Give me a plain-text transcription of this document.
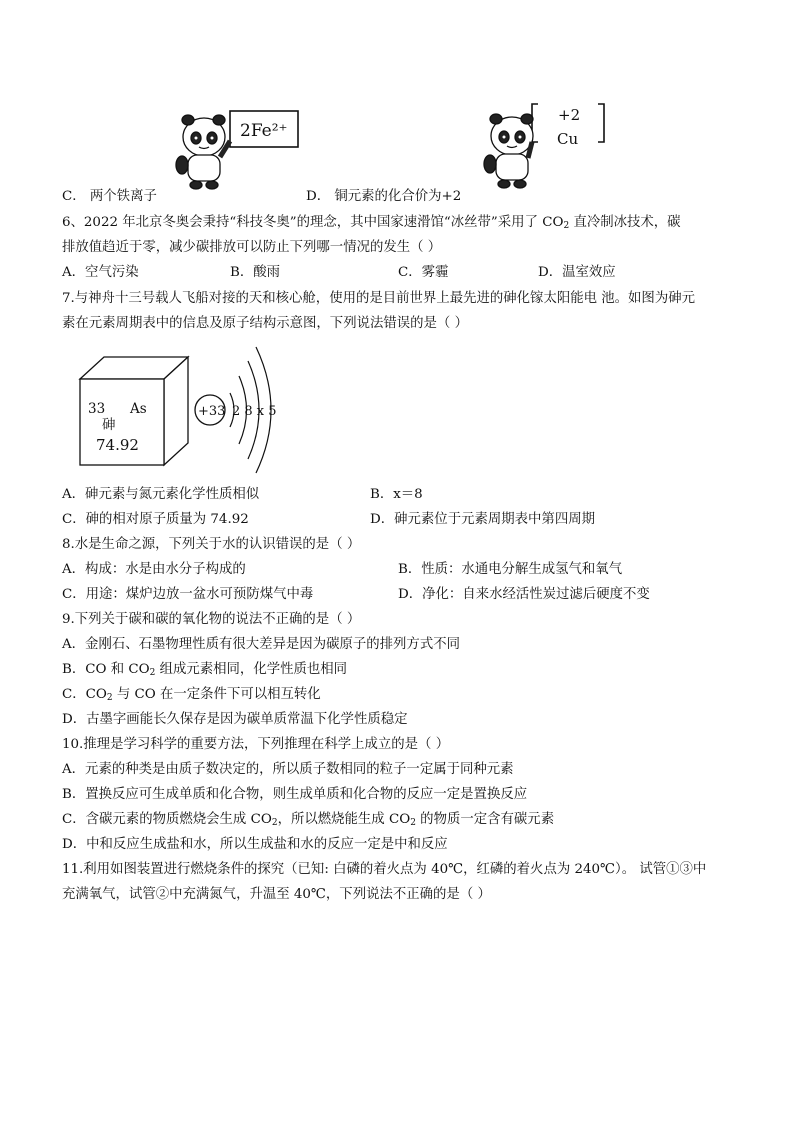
2Fe²⁺
+2
Cu
C． 两个铁离子	D． 铜元素的化合价为+2
6、2022 年北京冬奥会秉持“科技冬奥”的理念，其中国家速滑馆“冰丝带”采用了 $CO_2$ 直冷制冰技术，碳
排放值趋近于零，减少碳排放可以防止下列哪一情况的发生（ ）
A．空气污染	B．酸雨	C．雾霾	D．温室效应
7.与神舟十三号载人飞船对接的天和核心舱，使用的是目前世界上最先进的砷化镓太阳能电 池。如图为砷元
素在元素周期表中的信息及原子结构示意图，下列说法错误的是（ ）
33 As
砷
74.92
+33 2 8 x 5
A．砷元素与氮元素化学性质相似	B．x＝8
C．砷的相对原子质量为 74.92	D．砷元素位于元素周期表中第四周期
8.水是生命之源，下列关于水的认识错误的是（ ）
A．构成：水是由水分子构成的	B．性质：水通电分解生成氢气和氧气
C．用途：煤炉边放一盆水可预防煤气中毒	D．净化：自来水经活性炭过滤后硬度不变
9.下列关于碳和碳的氧化物的说法不正确的是（ ）
A．金刚石、石墨物理性质有很大差异是因为碳原子的排列方式不同
B．CO 和 $CO_2$ 组成元素相同，化学性质也相同
C．$CO_2$ 与 CO 在一定条件下可以相互转化
D．古墨字画能长久保存是因为碳单质常温下化学性质稳定
10.推理是学习科学的重要方法，下列推理在科学上成立的是（ ）
A．元素的种类是由质子数决定的，所以质子数相同的粒子一定属于同种元素
B．置换反应可生成单质和化合物，则生成单质和化合物的反应一定是置换反应
C．含碳元素的物质燃烧会生成 $CO_2$，所以燃烧能生成 $CO_2$ 的物质一定含有碳元素
D．中和反应生成盐和水，所以生成盐和水的反应一定是中和反应
11.利用如图装置进行燃烧条件的探究（已知: 白磷的着火点为 40℃，红磷的着火点为 240℃）。 试管①③中
充满氧气，试管②中充满氮气，升温至 40℃，下列说法不正确的是（ ）
